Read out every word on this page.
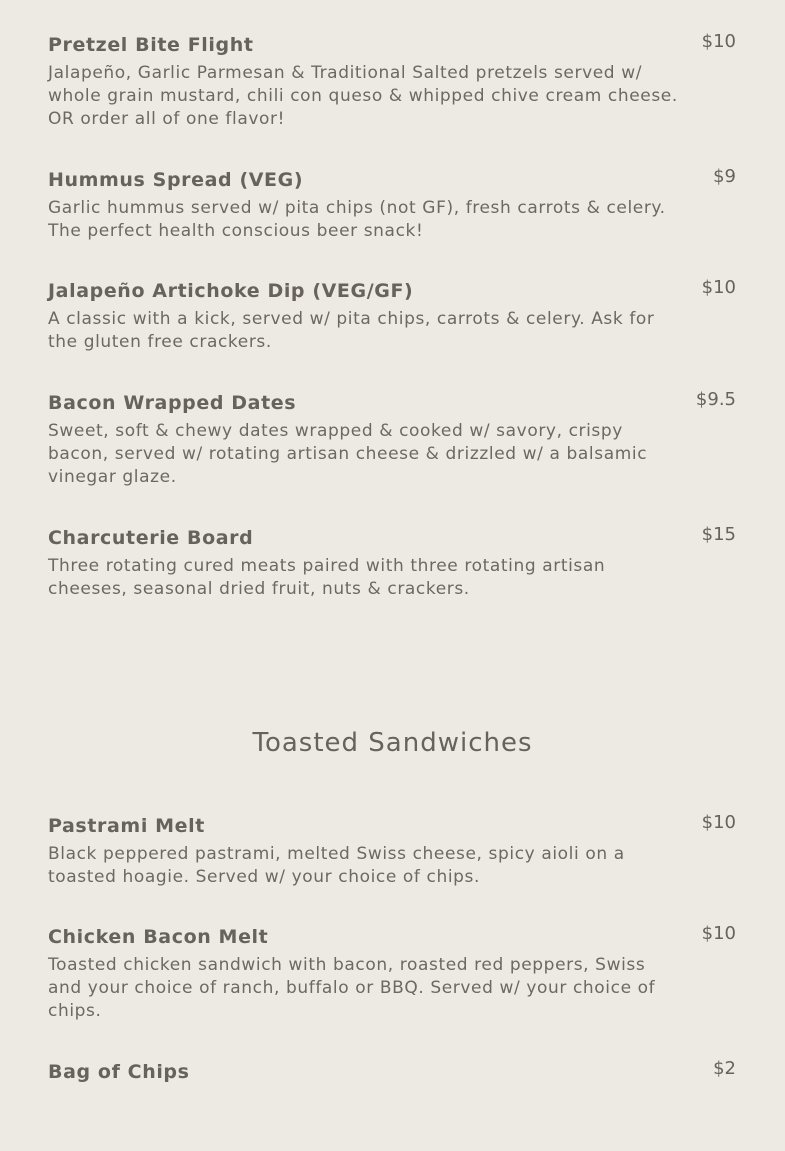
Pretzel Bite Flight	$10

Jalapeño, Garlic Parmesan & Traditional Salted pretzels served w/ whole grain mustard, chili con queso & whipped chive cream cheese. OR order all of one flavor!

Hummus Spread (VEG)	$9

Garlic hummus served w/ pita chips (not GF), fresh carrots & celery. The perfect health conscious beer snack!

Jalapeño Artichoke Dip (VEG/GF)	$10

A classic with a kick, served w/ pita chips, carrots & celery. Ask for the gluten free crackers.

Bacon Wrapped Dates	$9.5

Sweet, soft & chewy dates wrapped & cooked w/ savory, crispy bacon, served w/ rotating artisan cheese & drizzled w/ a balsamic vinegar glaze.

Charcuterie Board	$15

Three rotating cured meats paired with three rotating artisan cheeses, seasonal dried fruit, nuts & crackers.

Pastrami Melt	$10

Black peppered pastrami, melted Swiss cheese, spicy aioli on a toasted hoagie. Served w/ your choice of chips.

Chicken Bacon Melt	$10

Toasted chicken sandwich with bacon, roasted red peppers, Swiss and your choice of ranch, buffalo or BBQ. Served w/ your choice of chips.

Bag of Chips	$2
Toasted Sandwiches
